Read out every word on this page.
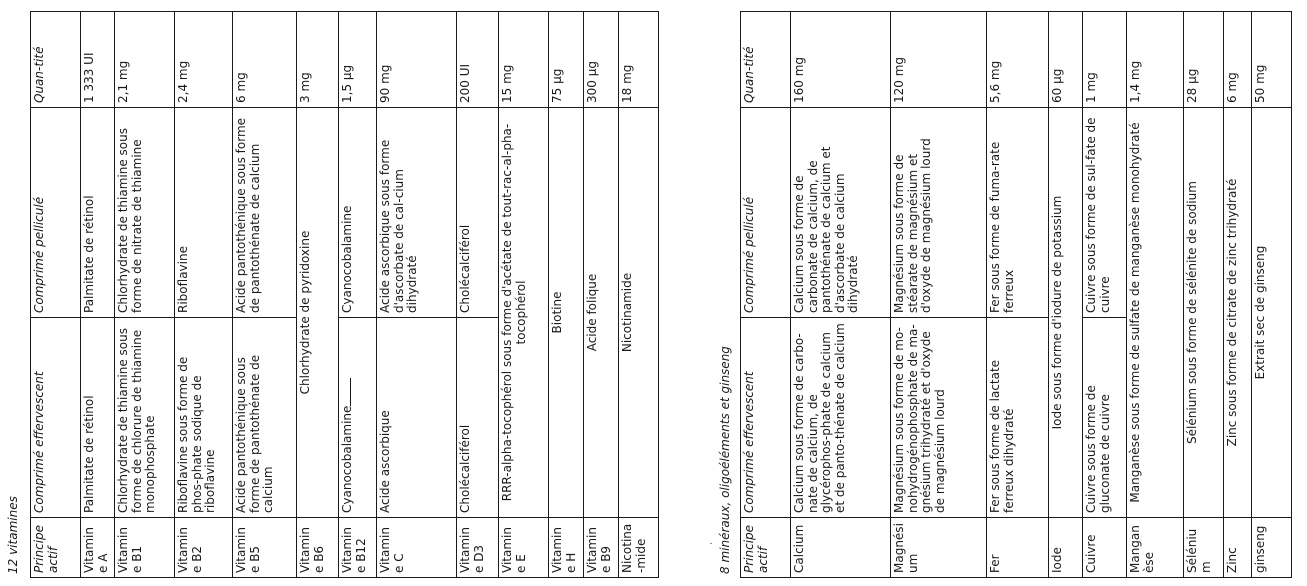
12 vitamines Principe actif	Comprimé effervescent	Comprimé pelliculé	Quan-tité
Vitamine A	Palmitate de rétinol	Palmitate de rétinol	1 333 UI
Vitamine B1	Chlorhydrate de thiamine sous forme de chlorure de thiamine monophosphate	Chlorhydrate de thiamine sous forme de nitrate de thiamine	2,1 mg
Vitamine B2	Riboflavine sous forme de phos-phate sodique de riboflavine	Riboflavine	2,4 mg
Vitamine B5	Acide pantothénique sous forme de pantothénate de calcium	Acide pantothénique sous forme de pantothénate de calcium	6 mg
Vitamine B6	Chlorhydrate de pyridoxine		3 mg
Vitamine B12	Cyanocobalamine	Cyanocobalamine	1,5 µg
Vitamine C	Acide ascorbique	Acide ascorbique sous forme d'ascorbate de cal-cium dihydraté	90 mg
Vitamine D3	Cholécalciférol	Cholécalciférol	200 UI
Vitamine E	RRR-alpha-tocophérol sous forme d'acétate de tout-rac-al-pha-tocophérol		15 mg
Vitamine H	Biotine		75 µg
Vitamine B9	Acide folique		300 µg
Nicotina-mide	Nicotinamide		18 mg
˙
8 minéraux, oligoéléments et ginseng Principe actif	Comprimé effervescent	Comprimé pelliculé	Quan-tité
Calcium	Calcium sous forme de carbo-nate de calcium, de glycérophos-phate de calcium et de panto-thénate de calcium	Calcium sous forme de carbonate de calcium, de pantothénate de calcium et d'ascorbate de calcium dihydraté	160 mg
Magnésium	Magnésium sous forme de mo-nohydrogénophosphate de ma-gnésium trihydraté et d'oxyde de magnésium lourd	Magnésium sous forme de stéarate de magnésium et d'oxyde de magnésium lourd	120 mg
Fer	Fer sous forme de lactate ferreux dihydraté	Fer sous forme de fuma-rate ferreux	5,6 mg
Iode	Iode sous forme d'iodure de potassium		60 µg
Cuivre	Cuivre sous forme de gluconate de cuivre	Cuivre sous forme de sul-fate de cuivre	1 mg
Manganèse	Manganèse sous forme de sulfate de manganèse monohydraté		1,4 mg
Sélénium	Sélénium sous forme de sélénite de sodium		28 µg
Zinc	Zinc sous forme de citrate de zinc trihydraté		6 mg
ginseng	Extrait sec de ginseng		50 mg
